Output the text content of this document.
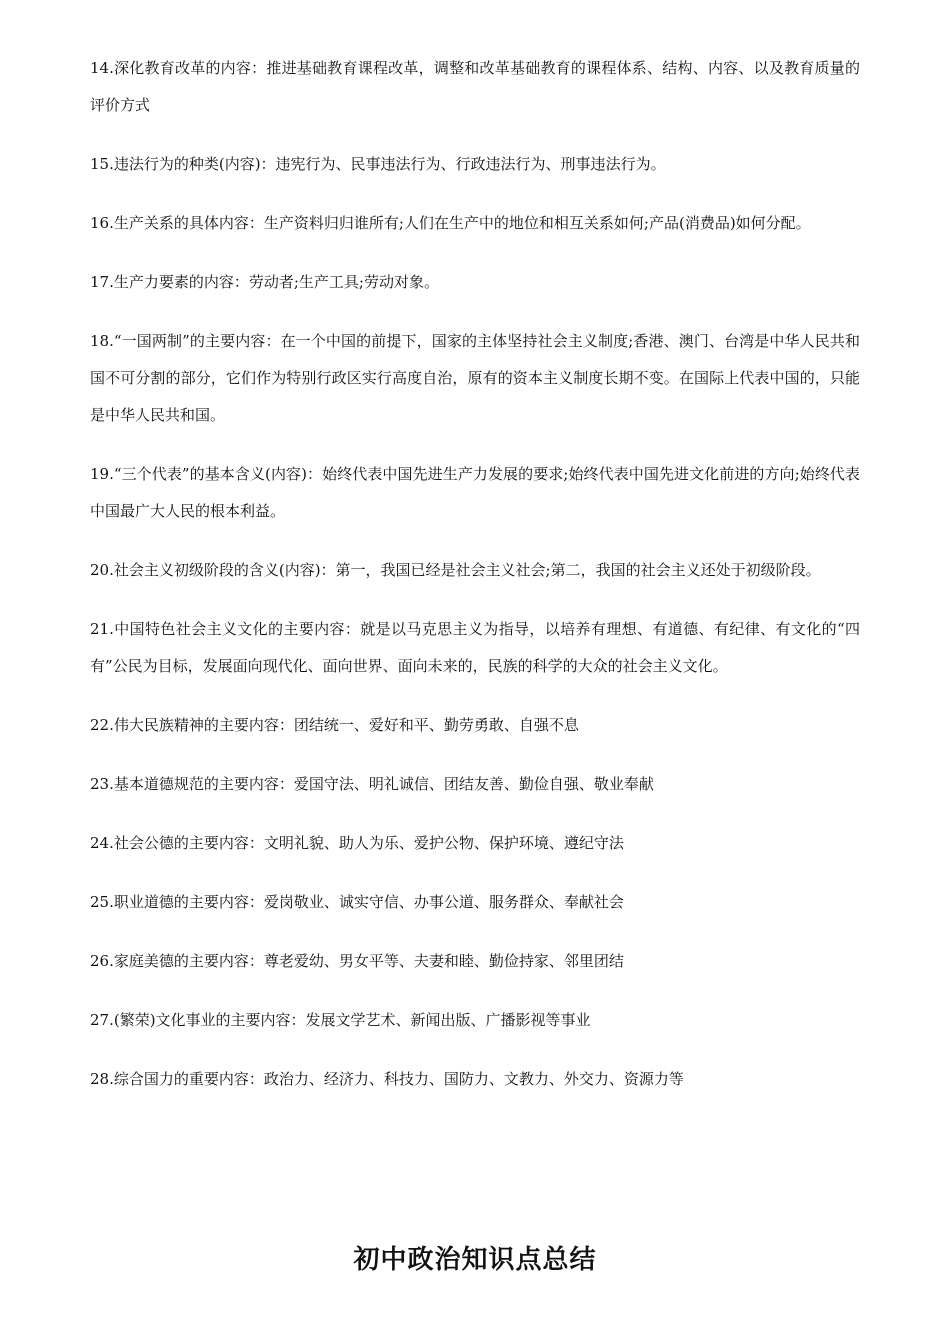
14.深化教育改革的内容：推进基础教育课程改革，调整和改革基础教育的课程体系、结构、内容、以及教育质量的评价方式

15.违法行为的种类(内容)：违宪行为、民事违法行为、行政违法行为、刑事违法行为。

16.生产关系的具体内容：生产资料归归谁所有;人们在生产中的地位和相互关系如何;产品(消费品)如何分配。

17.生产力要素的内容：劳动者;生产工具;劳动对象。

18.“一国两制”的主要内容：在一个中国的前提下，国家的主体坚持社会主义制度;香港、澳门、台湾是中华人民共和国不可分割的部分，它们作为特别行政区实行高度自治，原有的资本主义制度长期不变。在国际上代表中国的，只能是中华人民共和国。

19.“三个代表”的基本含义(内容)：始终代表中国先进生产力发展的要求;始终代表中国先进文化前进的方向;始终代表中国最广大人民的根本利益。

20.社会主义初级阶段的含义(内容)：第一，我国已经是社会主义社会;第二，我国的社会主义还处于初级阶段。

21.中国特色社会主义文化的主要内容：就是以马克思主义为指导，以培养有理想、有道德、有纪律、有文化的“四有”公民为目标，发展面向现代化、面向世界、面向未来的，民族的科学的大众的社会主义文化。

22.伟大民族精神的主要内容：团结统一、爱好和平、勤劳勇敢、自强不息

23.基本道德规范的主要内容：爱国守法、明礼诚信、团结友善、勤俭自强、敬业奉献

24.社会公德的主要内容：文明礼貌、助人为乐、爱护公物、保护环境、遵纪守法

25.职业道德的主要内容：爱岗敬业、诚实守信、办事公道、服务群众、奉献社会

26.家庭美德的主要内容：尊老爱幼、男女平等、夫妻和睦、勤俭持家、邻里团结

27.(繁荣)文化事业的主要内容：发展文学艺术、新闻出版、广播影视等事业

28.综合国力的重要内容：政治力、经济力、科技力、国防力、文教力、外交力、资源力等

初中政治知识点总结
